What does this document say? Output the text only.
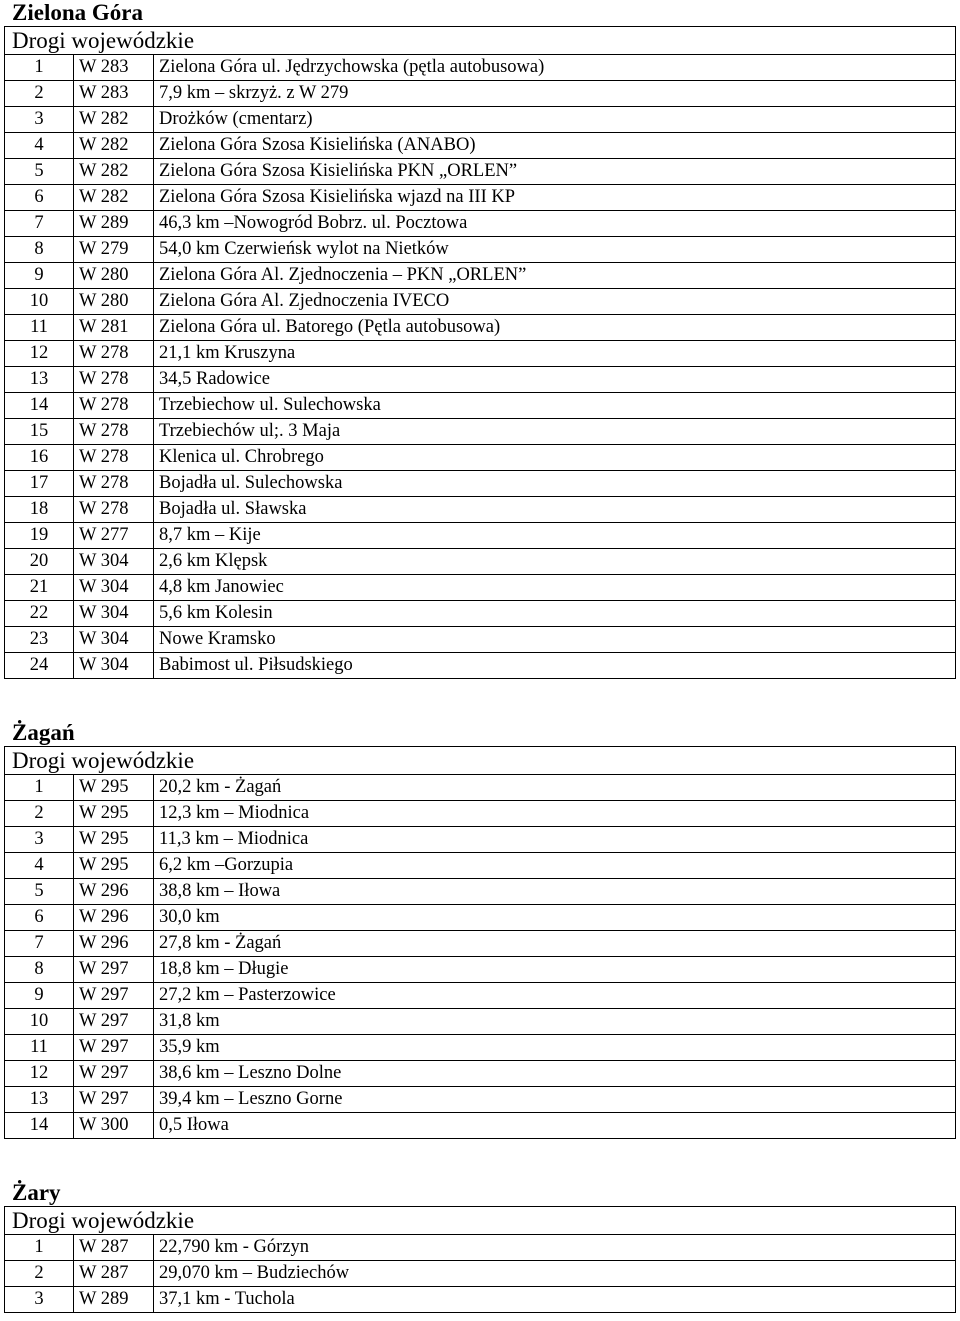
Zielona Góra
Drogi wojewódzkie		
1	W 283	Zielona Góra ul. Jędrzychowska (pętla autobusowa)
2	W 283	7,9 km – skrzyż. z W 279
3	W 282	Drożków (cmentarz)
4	W 282	Zielona Góra Szosa Kisielińska (ANABO)
5	W 282	Zielona Góra Szosa Kisielińska PKN „ORLEN”
6	W 282	Zielona Góra Szosa Kisielińska wjazd na III KP
7	W 289	46,3 km –Nowogród Bobrz. ul. Pocztowa
8	W 279	54,0 km Czerwieńsk wylot na Nietków
9	W 280	Zielona Góra Al. Zjednoczenia – PKN „ORLEN”
10	W 280	Zielona Góra Al. Zjednoczenia IVECO
11	W 281	Zielona Góra ul. Batorego (Pętla autobusowa)
12	W 278	21,1 km Kruszyna
13	W 278	34,5 Radowice
14	W 278	Trzebiechow ul. Sulechowska
15	W 278	Trzebiechów ul;. 3 Maja
16	W 278	Klenica ul. Chrobrego
17	W 278	Bojadła ul. Sulechowska
18	W 278	Bojadła ul. Sławska
19	W 277	8,7 km – Kije
20	W 304	2,6 km Klępsk
21	W 304	4,8 km Janowiec
22	W 304	5,6 km Kolesin
23	W 304	Nowe Kramsko
24	W 304	Babimost ul. Piłsudskiego
Żagań
Drogi wojewódzkie		
1	W 295	20,2 km - Żagań
2	W 295	12,3 km – Miodnica
3	W 295	11,3 km – Miodnica
4	W 295	6,2 km –Gorzupia
5	W 296	38,8 km – Iłowa
6	W 296	30,0 km
7	W 296	27,8 km - Żagań
8	W 297	18,8 km – Długie
9	W 297	27,2 km – Pasterzowice
10	W 297	31,8 km
11	W 297	35,9 km
12	W 297	38,6 km – Leszno Dolne
13	W 297	39,4 km – Leszno Gorne
14	W 300	0,5 Iłowa
Żary
Drogi wojewódzkie		
1	W 287	22,790 km - Górzyn
2	W 287	29,070 km – Budziechów
3	W 289	37,1 km - Tuchola
